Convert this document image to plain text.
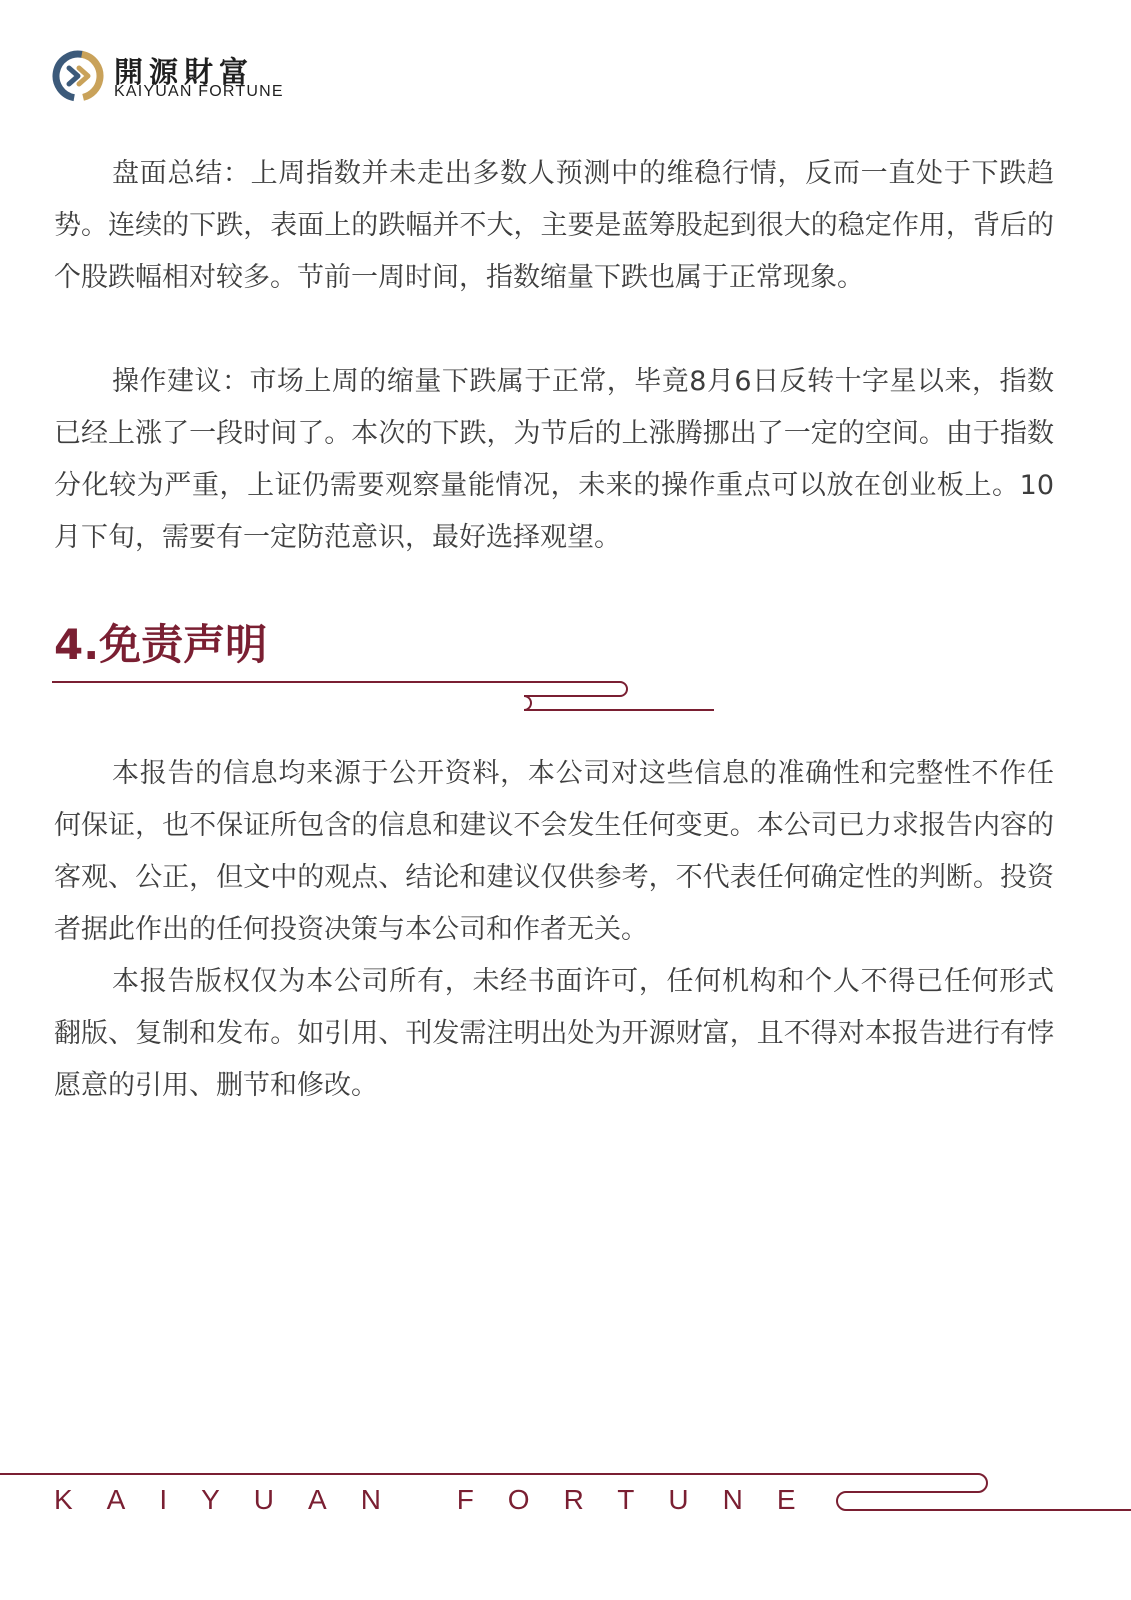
開源財富
KAIYUAN FORTUNE

盘面总结：上周指数并未走出多数人预测中的维稳行情，反而一直处于下跌趋势。连续的下跌，表面上的跌幅并不大，主要是蓝筹股起到很大的稳定作用，背后的个股跌幅相对较多。节前一周时间，指数缩量下跌也属于正常现象。

操作建议：市场上周的缩量下跌属于正常，毕竟8月6日反转十字星以来，指数已经上涨了一段时间了。本次的下跌，为节后的上涨腾挪出了一定的空间。由于指数分化较为严重，上证仍需要观察量能情况，未来的操作重点可以放在创业板上。10月下旬，需要有一定防范意识，最好选择观望。

4.免责声明

本报告的信息均来源于公开资料，本公司对这些信息的准确性和完整性不作任何保证，也不保证所包含的信息和建议不会发生任何变更。本公司已力求报告内容的客观、公正，但文中的观点、结论和建议仅供参考，不代表任何确定性的判断。投资者据此作出的任何投资决策与本公司和作者无关。

本报告版权仅为本公司所有，未经书面许可，任何机构和个人不得已任何形式翻版、复制和发布。如引用、刊发需注明出处为开源财富，且不得对本报告进行有悖愿意的引用、删节和修改。

KAIYUAN FORTUNE
